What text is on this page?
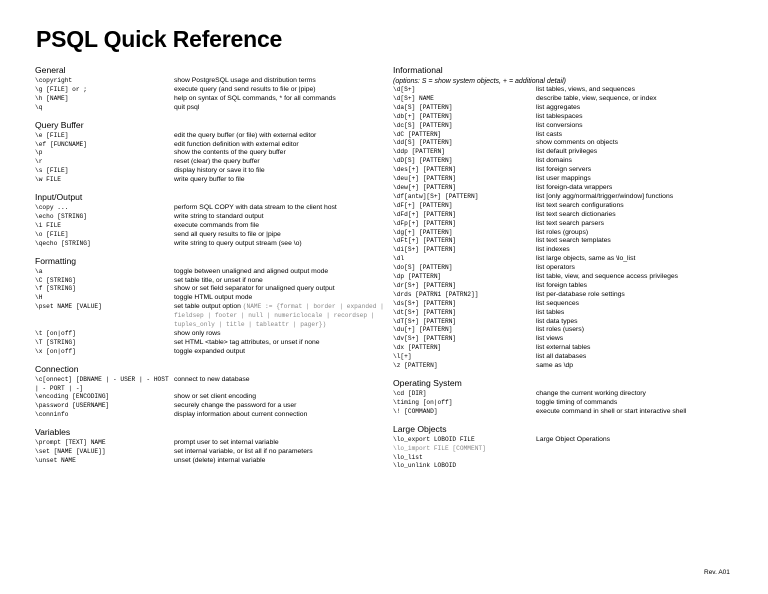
PSQL Quick Reference
General
\copyright	show PostgreSQL usage and distribution terms
\g [FILE] or ;	execute query (and send results to file or |pipe)
\h [NAME]	help on syntax of SQL commands, * for all commands
\q	quit psql
Query Buffer
\e [FILE]	edit the query buffer (or file) with external editor
\ef [FUNCNAME]	edit function definition with external editor
\p	show the contents of the query buffer
\r	reset (clear) the query buffer
\s [FILE]	display history or save it to file
\w FILE	write query buffer to file
Input/Output
\copy ...	perform SQL COPY with data stream to the client host
\echo [STRING]	write string to standard output
\i FILE	execute commands from file
\o [FILE]	send all query results to file or |pipe
\qecho [STRING]	write string to query output stream (see \o)
Formatting
\a	toggle between unaligned and aligned output mode
\C [STRING]	set table title, or unset if none
\f [STRING]	show or set field separator for unaligned query output
\H	toggle HTML output mode
\pset NAME [VALUE]	set table output option (NAME := {format | border | expanded | fieldsep | footer | null | numericlocale | recordsep | tuples_only | title | tableattr | pager})
\t [on|off]	show only rows
\T [STRING]	set HTML <table> tag attributes, or unset if none
\x [on|off]	toggle expanded output
Connection
\c[onnect] [DBNAME | - USER | - HOST | - PORT | -]
connect to new database
\encoding [ENCODING]	show or set client encoding
\password [USERNAME]	securely change the password for a user
\conninfo	display information about current connection
Variables
\prompt [TEXT] NAME	prompt user to set internal variable
\set [NAME [VALUE]]	set internal variable, or list all if no parameters
\unset NAME	unset (delete) internal variable
Informational
(options: S = show system objects, + = additional detail)
\d[S+]	list tables, views, and sequences
\d[S+] NAME	describe table, view, sequence, or index
\da[S] [PATTERN]	list aggregates
\db[+] [PATTERN]	list tablespaces
\dc[S] [PATTERN]	list conversions
\dC [PATTERN]	list casts
\dd[S] [PATTERN]	show comments on objects
\ddp [PATTERN]	list default privileges
\dD[S] [PATTERN]	list domains
\des[+] [PATTERN]	list foreign servers
\deu[+] [PATTERN]	list user mappings
\dew[+] [PATTERN]	list foreign-data wrappers
\df[antw][S+] [PATTERN]	list [only agg/normal/trigger/window] functions
\dF[+] [PATTERN]	list text search configurations
\dFd[+] [PATTERN]	list text search dictionaries
\dFp[+] [PATTERN]	list text search parsers
\dg[+] [PATTERN]	list roles (groups)
\dFt[+] [PATTERN]	list text search templates
\di[S+] [PATTERN]	list indexes
\dl	list large objects, same as \lo_list
\do[S] [PATTERN]	list operators
\dp [PATTERN]	list table, view, and sequence access privileges
\dr[S+] [PATTERN]	list foreign tables
\drds [PATRN1 [PATRN2]]	list per-database role settings
\ds[S+] [PATTERN]	list sequences
\dt[S+] [PATTERN]	list tables
\dT[S+] [PATTERN]	list data types
\du[+] [PATTERN]	list roles (users)
\dv[S+] [PATTERN]	list views
\dx [PATTERN]	list external tables
\l[+]	list all databases
\z [PATTERN]	same as \dp
Operating System
\cd [DIR]	change the current working directory
\timing [on|off]	toggle timing of commands
\! [COMMAND]	execute command in shell or start interactive shell
Large Objects
\lo_export LOBOID FILE	Large Object Operations
\lo_import FILE [COMMENT]
\lo_list
\lo_unlink LOBOID
Rev. A01
